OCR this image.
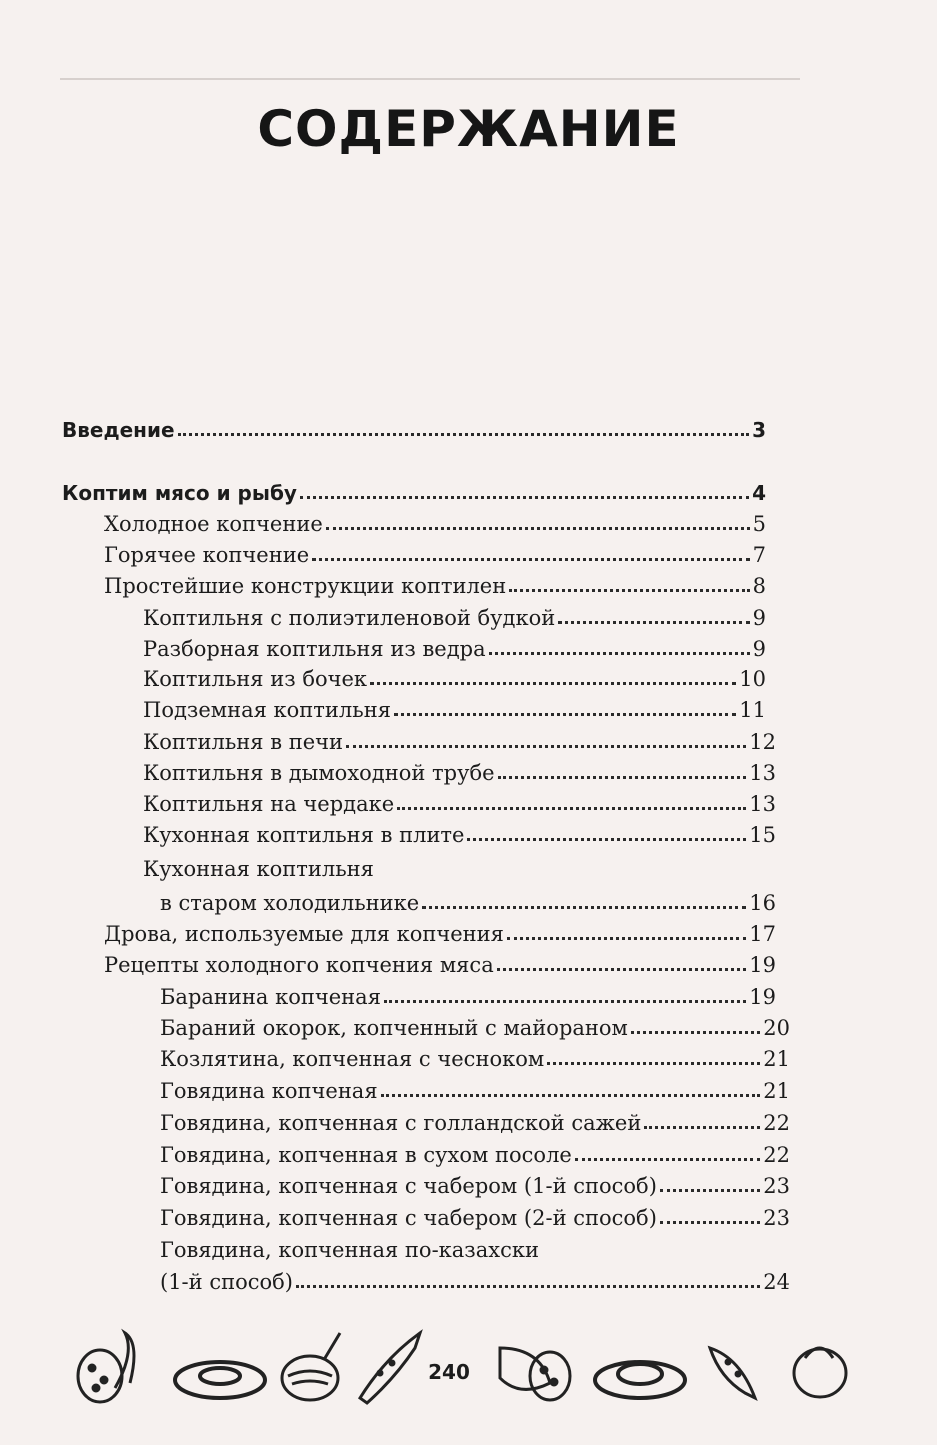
СОДЕРЖАНИЕ
Введение	3
Коптим мясо и рыбу	4
Холодное копчение	5
Горячее копчение	7
Простейшие конструкции коптилен	8
Коптильня с полиэтиленовой будкой	9
Разборная коптильня из ведра	9
Коптильня из бочек	10
Подземная коптильня	11
Коптильня в печи	12
Коптильня в дымоходной трубе	13
Коптильня на чердаке	13
Кухонная коптильня в плите	15
Кухонная коптильня
в старом холодильнике	16
Дрова, используемые для копчения	17
Рецепты холодного копчения мяса	19
Баранина копченая	19
Бараний окорок, копченный с майораном	20
Козлятина, копченная с чесноком	21
Говядина копченая	21
Говядина, копченная с голландской сажей	22
Говядина, копченная в сухом посоле	22
Говядина, копченная с чабером (1-й способ)	23
Говядина, копченная с чабером (2-й способ)	23
Говядина, копченная по-казахски
(1-й способ)	24
240
